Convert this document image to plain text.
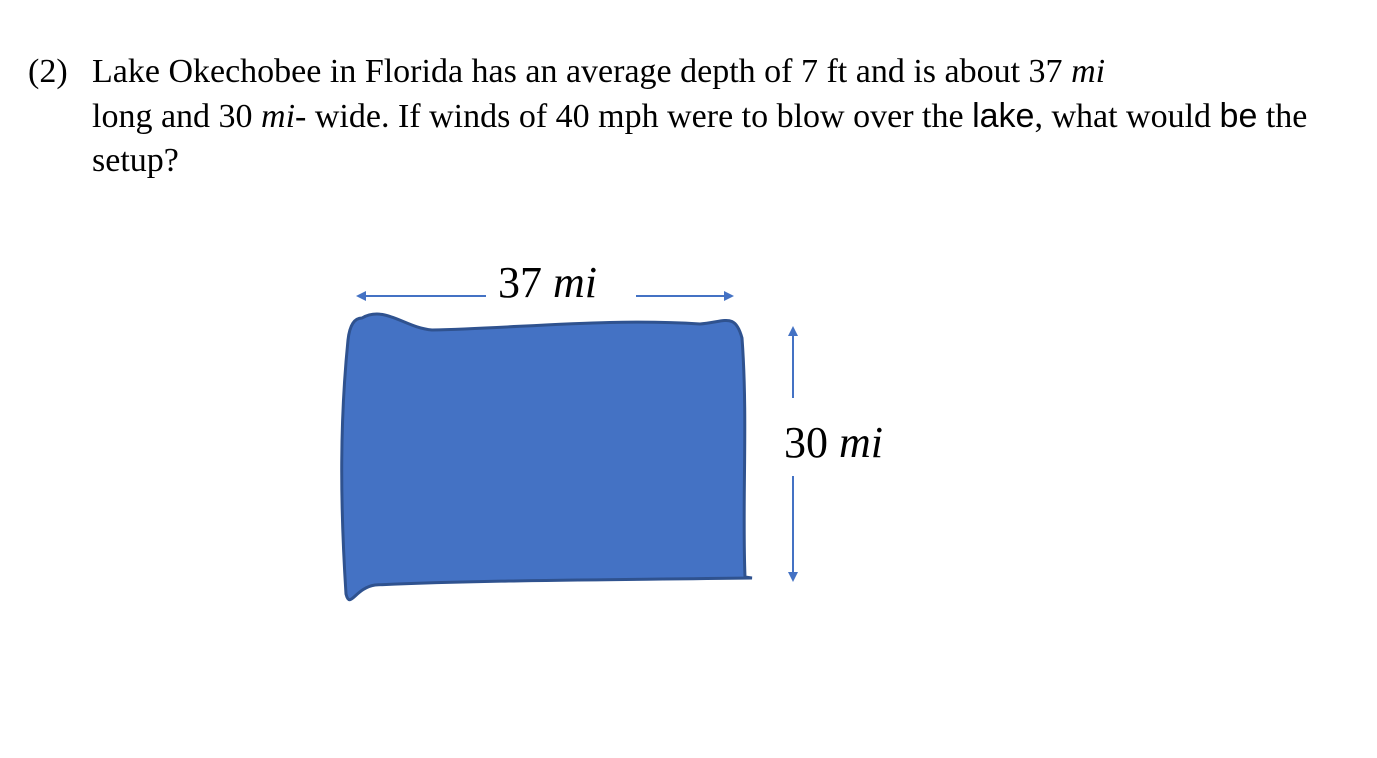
(2) Lake Okechobee in Florida has an average depth of 7 ft and is about 37 mi
long and 30 mi- wide. If winds of 40 mph were to blow over the lake, what would be the setup?
37 mi
30 mi
